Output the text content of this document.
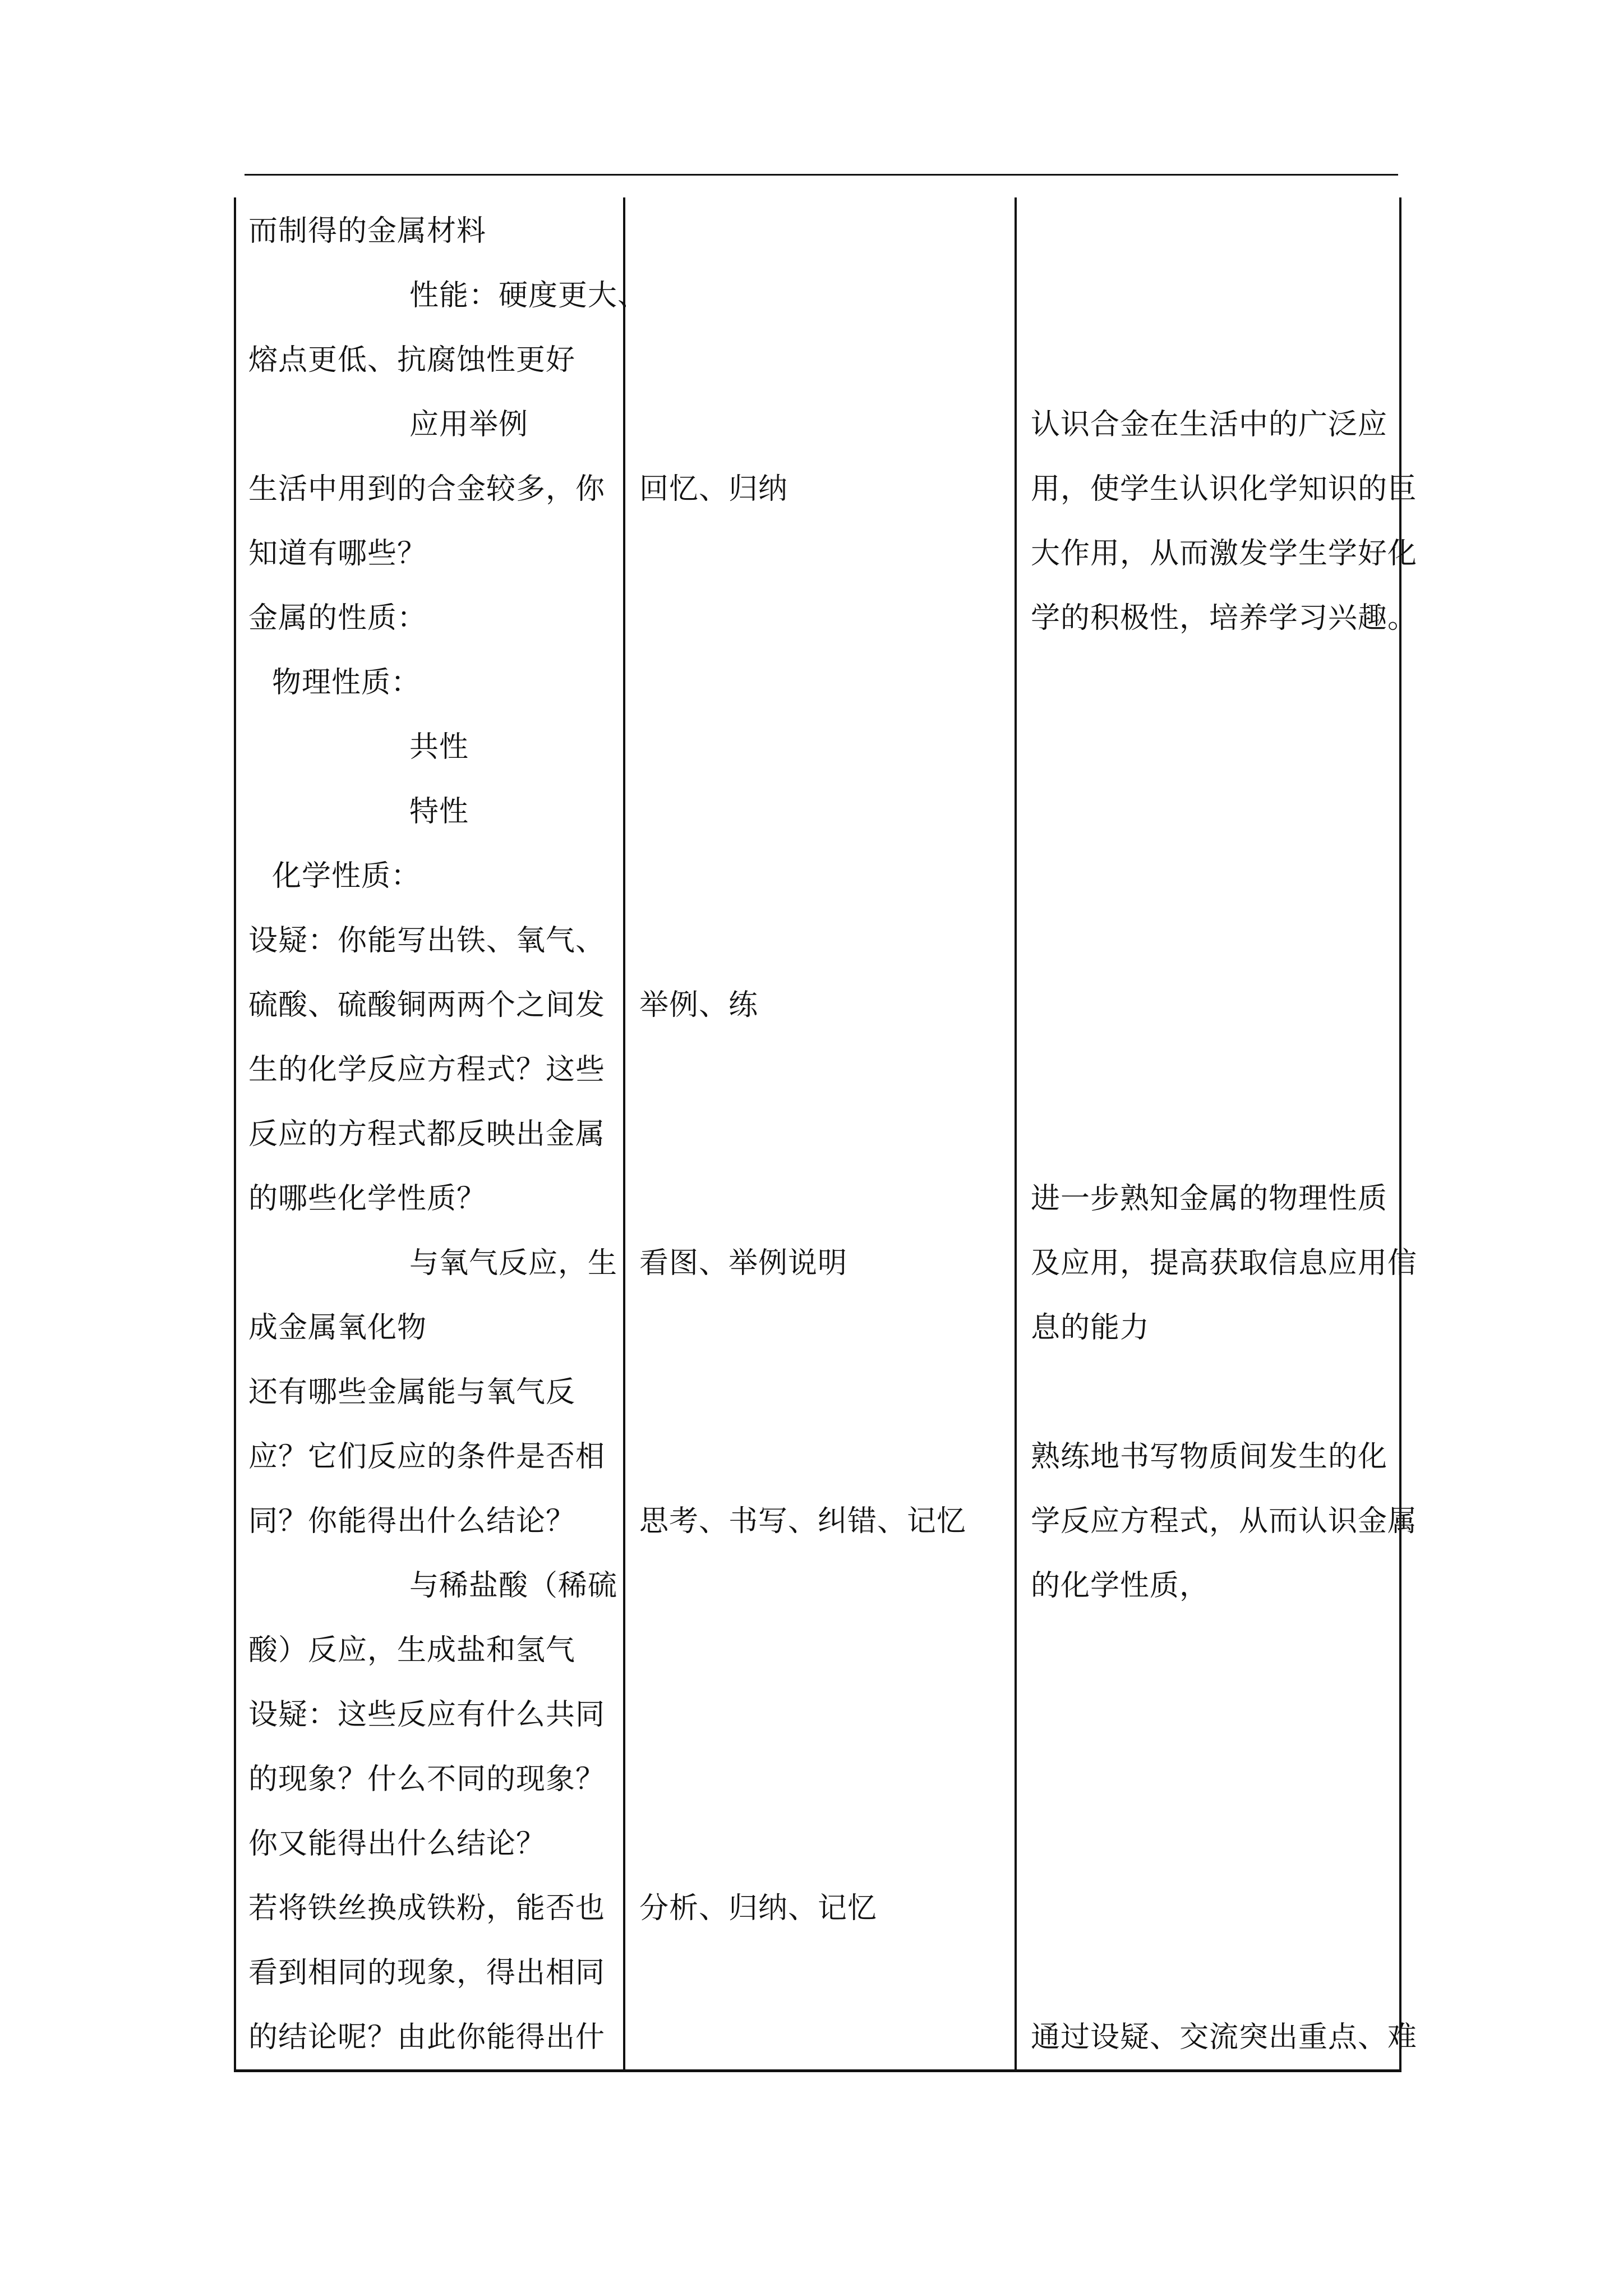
而制得的金属材料
性能：硬度更大、
熔点更低、抗腐蚀性更好
应用举例
生活中用到的合金较多，你
知道有哪些？
金属的性质：
物理性质：
共性
特性
化学性质：
设疑：你能写出铁、氧气、
硫酸、硫酸铜两两个之间发
生的化学反应方程式？这些
反应的方程式都反映出金属
的哪些化学性质？
与氧气反应，生
成金属氧化物
还有哪些金属能与氧气反
应？它们反应的条件是否相
同？你能得出什么结论？
与稀盐酸（稀硫
酸）反应，生成盐和氢气
设疑：这些反应有什么共同
的现象？什么不同的现象？
你又能得出什么结论？
若将铁丝换成铁粉，能否也
看到相同的现象，得出相同
的结论呢？由此你能得出什
回忆、归纳
举例、练
看图、举例说明
思考、书写、纠错、记忆
分析、归纳、记忆
认识合金在生活中的广泛应
用，使学生认识化学知识的巨
大作用，从而激发学生学好化
学的积极性，培养学习兴趣。
进一步熟知金属的物理性质
及应用，提高获取信息应用信
息的能力
熟练地书写物质间发生的化
学反应方程式，从而认识金属
的化学性质，
通过设疑、交流突出重点、难
